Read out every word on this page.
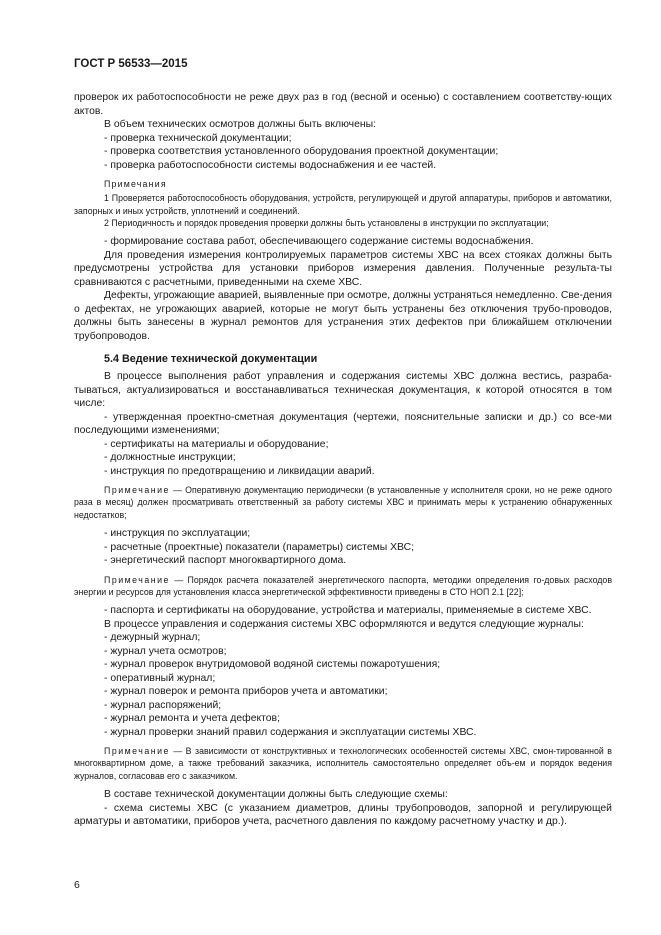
ГОСТ Р 56533—2015

проверок их работоспособности не реже двух раз в год (весной и осенью) с составлением соответству-ющих актов.

В объем технических осмотров должны быть включены:

- проверка технической документации;

- проверка соответствия установленного оборудования проектной документации;

- проверка работоспособности системы водоснабжения и ее частей.

Примечания

1 Проверяется работоспособность оборудования, устройств, регулирующей и другой аппаратуры, приборов и автоматики, запорных и иных устройств, уплотнений и соединений.

2 Периодичность и порядок проведения проверки должны быть установлены в инструкции по эксплуатации;

- формирование состава работ, обеспечивающего содержание системы водоснабжения.

Для проведения измерения контролируемых параметров системы ХВС на всех стояках должны быть предусмотрены устройства для установки приборов измерения давления. Полученные результа-ты сравниваются с расчетными, приведенными на схеме ХВС.

Дефекты, угрожающие аварией, выявленные при осмотре, должны устраняться немедленно. Све-дения о дефектах, не угрожающих аварией, которые не могут быть устранены без отключения трубо-проводов, должны быть занесены в журнал ремонтов для устранения этих дефектов при ближайшем отключении трубопроводов.

5.4 Ведение технической документации

В процессе выполнения работ управления и содержания системы ХВС должна вестись, разраба-тываться, актуализироваться и восстанавливаться техническая документация, к которой относятся в том числе:

- утвержденная проектно-сметная документация (чертежи, пояснительные записки и др.) со все-ми последующими изменениями;

- сертификаты на материалы и оборудование;

- должностные инструкции;

- инструкция по предотвращению и ликвидации аварий.

Примечание — Оперативную документацию периодически (в установленные у исполнителя сроки, но не реже одного раза в месяц) должен просматривать ответственный за работу системы ХВС и принимать меры к устранению обнаруженных недостатков;

- инструкция по эксплуатации;

- расчетные (проектные) показатели (параметры) системы ХВС;

- энергетический паспорт многоквартирного дома.

Примечание — Порядок расчета показателей энергетического паспорта, методики определения го-довых расходов энергии и ресурсов для установления класса энергетической эффективности приведены в СТО НОП 2.1 [22];

- паспорта и сертификаты на оборудование, устройства и материалы, применяемые в системе ХВС.

В процессе управления и содержания системы ХВС оформляются и ведутся следующие журналы:

- дежурный журнал;

- журнал учета осмотров;

- журнал проверок внутридомовой водяной системы пожаротушения;

- оперативный журнал;

- журнал поверок и ремонта приборов учета и автоматики;

- журнал распоряжений;

- журнал ремонта и учета дефектов;

- журнал проверки знаний правил содержания и эксплуатации системы ХВС.

Примечание — В зависимости от конструктивных и технологических особенностей системы ХВС, смон-тированной в многоквартирном доме, а также требований заказчика, исполнитель самостоятельно определяет объ-ем и порядок ведения журналов, согласовав его с заказчиком.

В составе технической документации должны быть следующие схемы:

- схема системы ХВС (с указанием диаметров, длины трубопроводов, запорной и регулирующей арматуры и автоматики, приборов учета, расчетного давления по каждому расчетному участку и др.).

6
